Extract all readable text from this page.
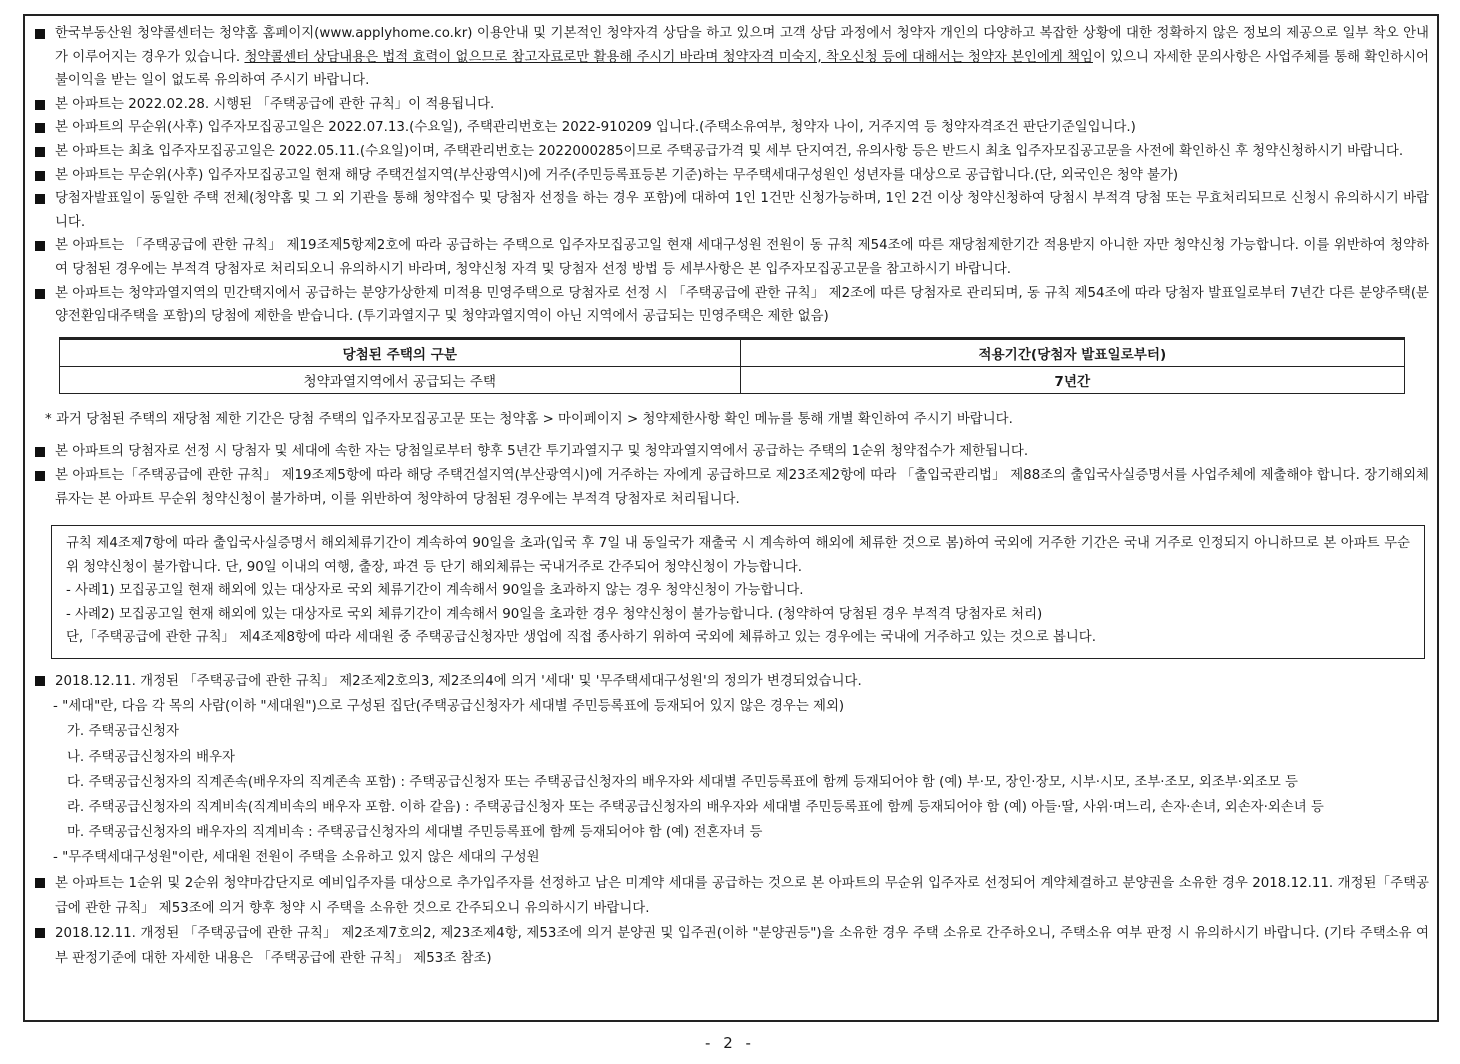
한국부동산원 청약콜센터는 청약홈 홈페이지(www.applyhome.co.kr) 이용안내 및 기본적인 청약자격 상담을 하고 있으며 고객 상담 과정에서 청약자 개인의 다양하고 복잡한 상황에 대한 정확하지 않은 정보의 제공으로 일부 착오 안내가 이루어지는 경우가 있습니다. 청약콜센터 상담내용은 법적 효력이 없으므로 참고자료로만 활용해 주시기 바라며 청약자격 미숙지, 착오신청 등에 대해서는 청약자 본인에게 책임이 있으니 자세한 문의사항은 사업주체를 통해 확인하시어 불이익을 받는 일이 없도록 유의하여 주시기 바랍니다.

본 아파트는 2022.02.28. 시행된 「주택공급에 관한 규칙」이 적용됩니다.

본 아파트의 무순위(사후) 입주자모집공고일은 2022.07.13.(수요일), 주택관리번호는 2022-910209 입니다.(주택소유여부, 청약자 나이, 거주지역 등 청약자격조건 판단기준일입니다.)

본 아파트는 최초 입주자모집공고일은 2022.05.11.(수요일)이며, 주택관리번호는 2022000285이므로 주택공급가격 및 세부 단지여건, 유의사항 등은 반드시 최초 입주자모집공고문을 사전에 확인하신 후 청약신청하시기 바랍니다.

본 아파트는 무순위(사후) 입주자모집공고일 현재 해당 주택건설지역(부산광역시)에 거주(주민등록표등본 기준)하는 무주택세대구성원인 성년자를 대상으로 공급합니다.(단, 외국인은 청약 불가)

당첨자발표일이 동일한 주택 전체(청약홈 및 그 외 기관을 통해 청약접수 및 당첨자 선정을 하는 경우 포함)에 대하여 1인 1건만 신청가능하며, 1인 2건 이상 청약신청하여 당첨시 부적격 당첨 또는 무효처리되므로 신청시 유의하시기 바랍니다.

본 아파트는 「주택공급에 관한 규칙」 제19조제5항제2호에 따라 공급하는 주택으로 입주자모집공고일 현재 세대구성원 전원이 동 규칙 제54조에 따른 재당첨제한기간 적용받지 아니한 자만 청약신청 가능합니다. 이를 위반하여 청약하여 당첨된 경우에는 부적격 당첨자로 처리되오니 유의하시기 바라며, 청약신청 자격 및 당첨자 선정 방법 등 세부사항은 본 입주자모집공고문을 참고하시기 바랍니다.

본 아파트는 청약과열지역의 민간택지에서 공급하는 분양가상한제 미적용 민영주택으로 당첨자로 선정 시 「주택공급에 관한 규칙」 제2조에 따른 당첨자로 관리되며, 동 규칙 제54조에 따라 당첨자 발표일로부터 7년간 다른 분양주택(분양전환임대주택을 포함)의 당첨에 제한을 받습니다. (투기과열지구 및 청약과열지역이 아닌 지역에서 공급되는 민영주택은 제한 없음)

당첨된 주택의 구분	적용기간(당첨자 발표일로부터)
청약과열지역에서 공급되는 주택	7년간
* 과거 당첨된 주택의 재당첨 제한 기간은 당첨 주택의 입주자모집공고문 또는 청약홈 > 마이페이지 > 청약제한사항 확인 메뉴를 통해 개별 확인하여 주시기 바랍니다.

본 아파트의 당첨자로 선정 시 당첨자 및 세대에 속한 자는 당첨일로부터 향후 5년간 투기과열지구 및 청약과열지역에서 공급하는 주택의 1순위 청약접수가 제한됩니다.

본 아파트는「주택공급에 관한 규칙」 제19조제5항에 따라 해당 주택건설지역(부산광역시)에 거주하는 자에게 공급하므로 제23조제2항에 따라 「출입국관리법」 제88조의 출입국사실증명서를 사업주체에 제출해야 합니다. 장기해외체류자는 본 아파트 무순위 청약신청이 불가하며, 이를 위반하여 청약하여 당첨된 경우에는 부적격 당첨자로 처리됩니다.

규칙 제4조제7항에 따라 출입국사실증명서 해외체류기간이 계속하여 90일을 초과(입국 후 7일 내 동일국가 재출국 시 계속하여 해외에 체류한 것으로 봄)하여 국외에 거주한 기간은 국내 거주로 인정되지 아니하므로 본 아파트 무순위 청약신청이 불가합니다. 단, 90일 이내의 여행, 출장, 파견 등 단기 해외체류는 국내거주로 간주되어 청약신청이 가능합니다.
- 사례1) 모집공고일 현재 해외에 있는 대상자로 국외 체류기간이 계속해서 90일을 초과하지 않는 경우 청약신청이 가능합니다.
- 사례2) 모집공고일 현재 해외에 있는 대상자로 국외 체류기간이 계속해서 90일을 초과한 경우 청약신청이 불가능합니다. (청약하여 당첨된 경우 부적격 당첨자로 처리)
단,「주택공급에 관한 규칙」 제4조제8항에 따라 세대원 중 주택공급신청자만 생업에 직접 종사하기 위하여 국외에 체류하고 있는 경우에는 국내에 거주하고 있는 것으로 봅니다.

2018.12.11. 개정된 「주택공급에 관한 규칙」 제2조제2호의3, 제2조의4에 의거 '세대' 및 '무주택세대구성원'의 정의가 변경되었습니다.

- "세대"란, 다음 각 목의 사람(이하 "세대원")으로 구성된 집단(주택공급신청자가 세대별 주민등록표에 등재되어 있지 않은 경우는 제외)
가. 주택공급신청자
나. 주택공급신청자의 배우자
다. 주택공급신청자의 직계존속(배우자의 직계존속 포함) : 주택공급신청자 또는 주택공급신청자의 배우자와 세대별 주민등록표에 함께 등재되어야 함 (예) 부·모, 장인·장모, 시부·시모, 조부·조모, 외조부·외조모 등
라. 주택공급신청자의 직계비속(직계비속의 배우자 포함. 이하 같음) : 주택공급신청자 또는 주택공급신청자의 배우자와 세대별 주민등록표에 함께 등재되어야 함 (예) 아들·딸, 사위·며느리, 손자·손녀, 외손자·외손녀 등
마. 주택공급신청자의 배우자의 직계비속 : 주택공급신청자의 세대별 주민등록표에 함께 등재되어야 함 (예) 전혼자녀 등
- "무주택세대구성원"이란, 세대원 전원이 주택을 소유하고 있지 않은 세대의 구성원

본 아파트는 1순위 및 2순위 청약마감단지로 예비입주자를 대상으로 추가입주자를 선정하고 남은 미계약 세대를 공급하는 것으로 본 아파트의 무순위 입주자로 선정되어 계약체결하고 분양권을 소유한 경우 2018.12.11. 개정된「주택공급에 관한 규칙」 제53조에 의거 향후 청약 시 주택을 소유한 것으로 간주되오니 유의하시기 바랍니다.

2018.12.11. 개정된 「주택공급에 관한 규칙」 제2조제7호의2, 제23조제4항, 제53조에 의거 분양권 및 입주권(이하 "분양권등")을 소유한 경우 주택 소유로 간주하오니, 주택소유 여부 판정 시 유의하시기 바랍니다. (기타 주택소유 여부 판정기준에 대한 자세한 내용은 「주택공급에 관한 규칙」 제53조 참조)

- 2 -
